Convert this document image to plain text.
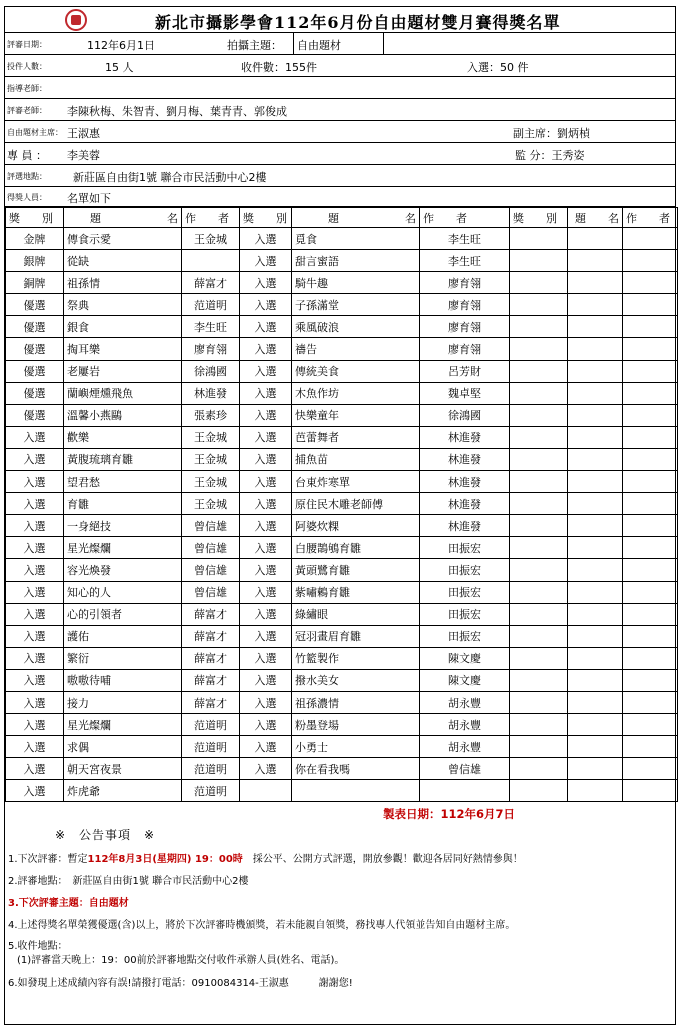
新北市攝影學會112年6月份自由題材雙月賽得獎名單
評審日期：	112年6月1日	拍攝主題： 自由題材
投件人數：	15 人	收件數：155件	入選：50 件
指導老師：
評審老師： 李陳秋梅、朱智青、劉月梅、葉青青、郭俊成
自由題材主席： 王淑惠	副主席：劉炳楨
專 員 ： 李美蓉	監 分：王秀姿
評選地點： 新莊區自由街1號 聯合市民活動中心2樓
得獎人員： 名單如下
獎　　別	題　　　　　　名	作　　者	獎　　別	題　　　　　　名	作　　者	獎　　別	題　　名	作　　者
金牌	傳食示愛	王金城	入選	覓食	李生旺			
銀牌	從缺		入選	甜言蜜語	李生旺			
銅牌	祖孫情	薛富才	入選	騎牛趣	廖育翎			
優選	祭典	范道明	入選	子孫滿堂	廖育翎			
優選	銀食	李生旺	入選	乘風破浪	廖育翎			
優選	掏耳樂	廖育翎	入選	禱告	廖育翎			
優選	老屢岩	徐鴻國	入選	傳統美食	呂芳財			
優選	蘭嶼煙燻飛魚	林進發	入選	木魚作坊	魏卓堅			
優選	溫馨小燕鷗	張素珍	入選	快樂童年	徐鴻國			
入選	歡樂	王金城	入選	芭蕾舞者	林進發			
入選	黃腹琉璃育雛	王金城	入選	捕魚苗	林進發			
入選	望君愁	王金城	入選	台東炸寒單	林進發			
入選	育雛	王金城	入選	原住民木雕老師傅	林進發			
入選	一身絕技	曾信雄	入選	阿婆炊粿	林進發			
入選	星光燦爛	曾信雄	入選	白腰鵲鴝育雛	田振宏			
入選	容光煥發	曾信雄	入選	黃頭鷺育雛	田振宏			
入選	知心的人	曾信雄	入選	紫嘯鶇育雛	田振宏			
入選	心的引領者	薛富才	入選	綠繡眼	田振宏			
入選	護佑	薛富才	入選	冠羽畫眉育雛	田振宏			
入選	繁衍	薛富才	入選	竹籃製作	陳文慶			
入選	嗷嗷待哺	薛富才	入選	撥水美女	陳文慶			
入選	接力	薛富才	入選	祖孫濃情	胡永豐			
入選	星光燦爛	范道明	入選	粉墨登場	胡永豐			
入選	求偶	范道明	入選	小勇士	胡永豐			
入選	朝天宮夜景	范道明	入選	你在看我嗎	曾信雄			
入選	炸虎爺	范道明						
製表日期：112年6月7日
※　公告事項　※

1.下次評審：暫定112年8月3日(星期四) 19：00時　採公平、公開方式評選，開放參觀！歡迎各居同好熱情參與！

2.評審地點：　新莊區自由街1號 聯合市民活動中心2樓

3.下次評審主題：自由題材

4.上述得獎名單榮獲優選(含)以上，將於下次評審時機頒獎，若未能親自領獎，務找專人代領並告知自由題材主席。

5.收件地點：

(1)評審當天晚上：19：00前於評審地點交付收件承辦人員(姓名、電話)。

6.如發現上述成績內容有誤!請撥打電話：0910084314-王淑惠　　　謝謝您!
